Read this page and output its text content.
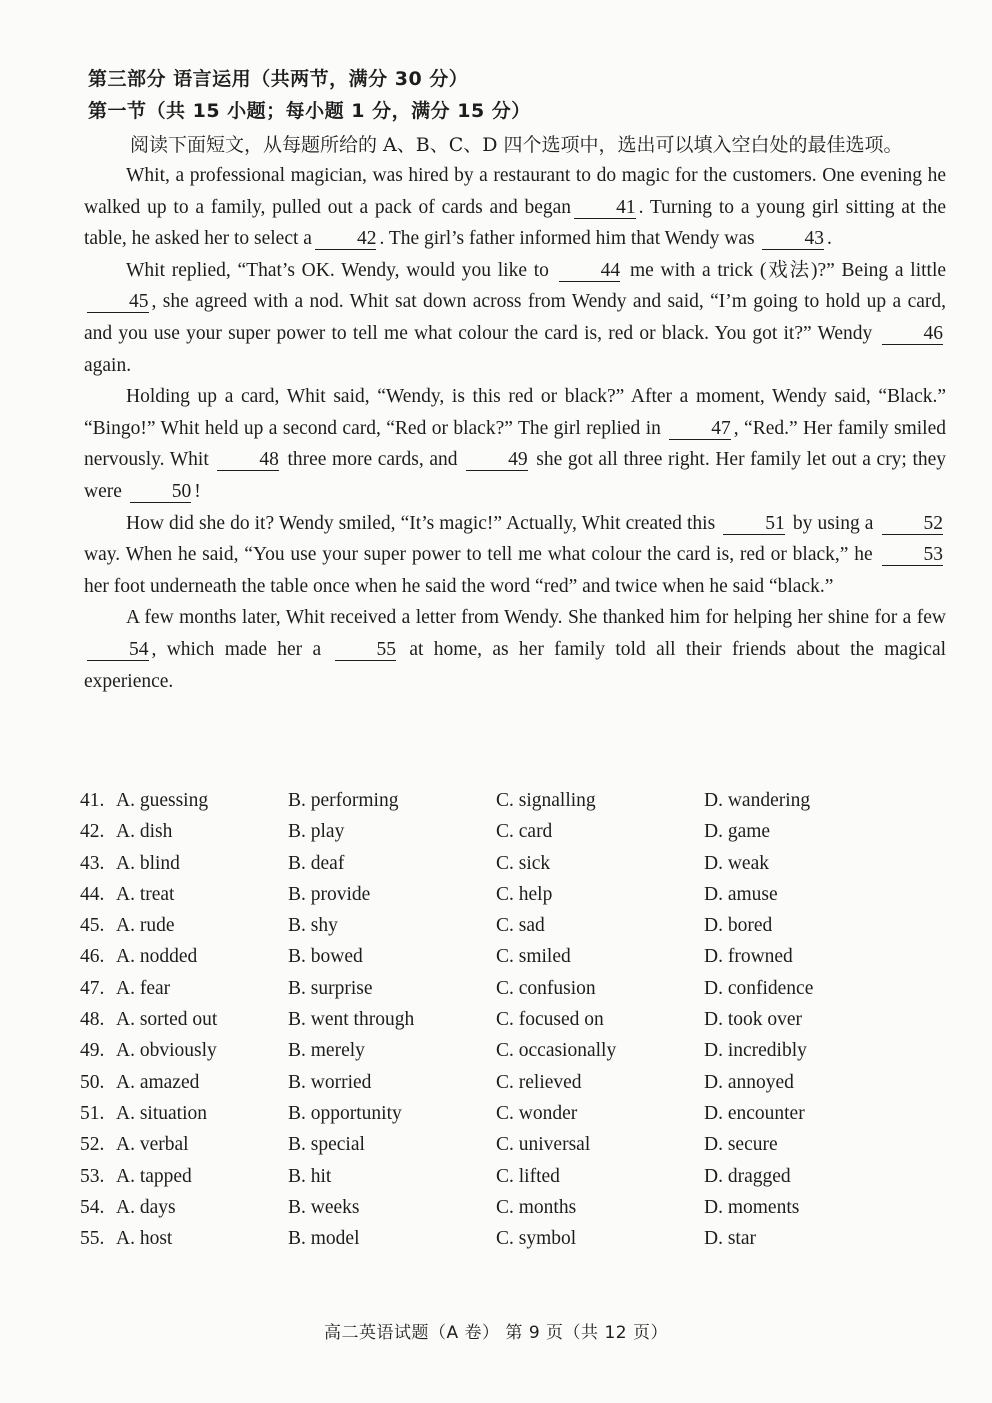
第三部分 语言运用（共两节，满分 30 分）
第一节（共 15 小题；每小题 1 分，满分 15 分）
阅读下面短文，从每题所给的 A、B、C、D 四个选项中，选出可以填入空白处的最佳选项。

Whit, a professional magician, was hired by a restaurant to do magic for the customers. One evening he walked up to a family, pulled out a pack of cards and began 41 . Turning to a young girl sitting at the table, he asked her to select a 42 . The girl’s father informed him that Wendy was	43 .

Whit replied, “That’s OK. Wendy, would you like to	44 me with a trick (戏法)?” Being a little 45 , she agreed with a nod. Whit sat down across from Wendy and said, “I’m going to hold up a card, and you use your super power to tell me what colour the card is, red or black. You got it?” Wendy	46 again.

Holding up a card, Whit said, “Wendy, is this red or black?” After a moment, Wendy said, “Black.” “Bingo!” Whit held up a second card, “Red or black?” The girl replied in	47 , “Red.” Her family smiled nervously. Whit	48 three more cards, and	49 she got all three right. Her family let out a cry; they were	50 !

How did she do it? Wendy smiled, “It’s magic!” Actually, Whit created this	51 by using a	52 way. When he said, “You use your super power to tell me what colour the card is, red or black,” he	53 her foot underneath the table once when he said the word “red” and twice when he said “black.”

A few months later, Whit received a letter from Wendy. She thanked him for helping her shine for a few 54 , which made her a	55 at home, as her family told all their friends about the magical experience.

41. A. guessing	B. performing	C. signalling	D. wandering
42. A. dish	B. play	C. card	D. game
43. A. blind	B. deaf	C. sick	D. weak
44. A. treat	B. provide	C. help	D. amuse
45. A. rude	B. shy	C. sad	D. bored
46. A. nodded	B. bowed	C. smiled	D. frowned
47. A. fear	B. surprise	C. confusion	D. confidence
48. A. sorted out	B. went through	C. focused on	D. took over
49. A. obviously	B. merely	C. occasionally	D. incredibly
50. A. amazed	B. worried	C. relieved	D. annoyed
51. A. situation	B. opportunity	C. wonder	D. encounter
52. A. verbal	B. special	C. universal	D. secure
53. A. tapped	B. hit	C. lifted	D. dragged
54. A. days	B. weeks	C. months	D. moments
55. A. host	B. model	C. symbol	D. star
高二英语试题（A 卷） 第 9 页（共 12 页）
